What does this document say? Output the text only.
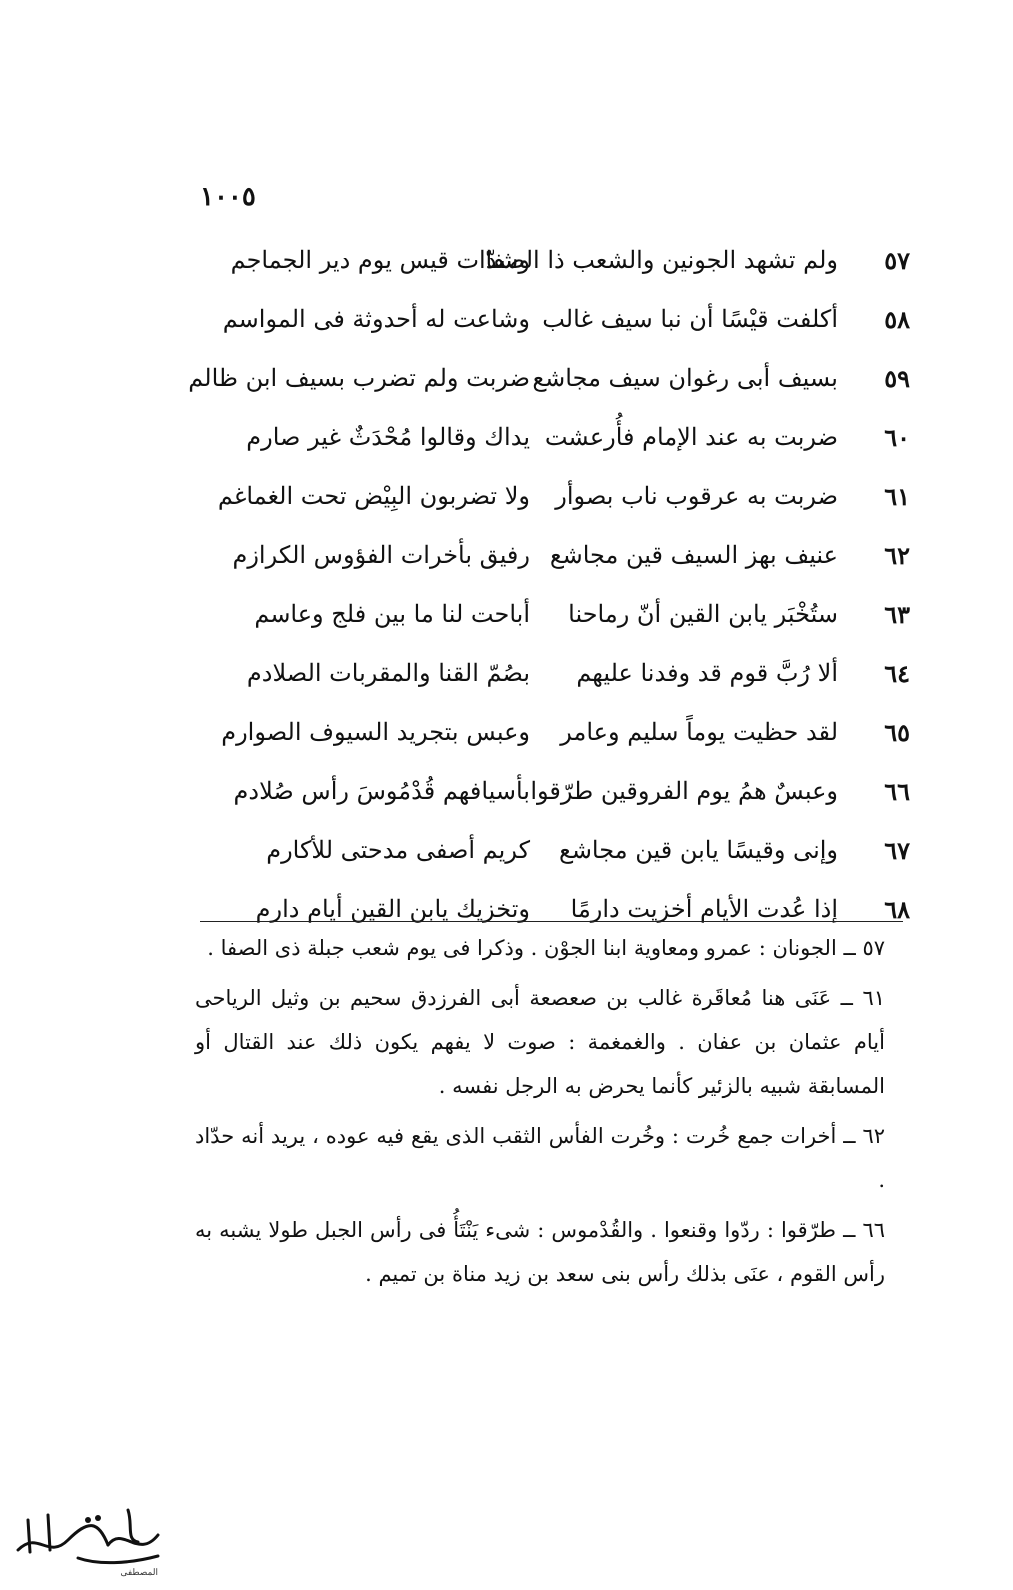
١٠٠٥
٥٧
ولم تشهد الجونين والشعب ذا الصفا
وشدّات قيس يوم دير الجماجم
٥٨
أكلفت قيْسًا أن نبا سيف غالب
وشاعت له أحدوثة فى المواسم
٥٩
بسيف أبى رغوان سيف مجاشع
ضربت ولم تضرب بسيف ابن ظالم
٦٠
ضربت به عند الإمام فأُرعشت
يداك وقالوا مُحْدَثٌ غير صارم
٦١
ضربت به عرقوب ناب بصوأر
ولا تضربون البِيْض تحت الغماغم
٦٢
عنيف بهز السيف قين مجاشع
رفيق بأخرات الفؤوس الكرازم
٦٣
ستُخْبَر يابن القين أنّ رماحنا
أباحت لنا ما بين فلج وعاسم
٦٤
ألا رُبَّ قوم قد وفدنا عليهم
بصُمّ القنا والمقربات الصلادم
٦٥
لقد حظيت يوماً سليم وعامر
وعبس بتجريد السيوف الصوارم
٦٦
وعبسٌ همُ يوم الفروقين طرّقوا
بأسيافهم قُدْمُوسَ رأس صُلادم
٦٧
وإنى وقيسًا يابن قين مجاشع
كريم أصفى مدحتى للأكارم
٦٨
إذا عُدت الأيام أخزيت دارمًا
وتخزيك يابن القين أيام دارم

٥٧ ــ الجونان : عمرو ومعاوية ابنا الجوْن . وذكرا فى يوم شعب جبلة ذى الصفا .

٦١ ــ عَنَى هنا مُعاقَرة غالب بن صعصعة أبى الفرزدق سحيم بن وثيل الرياحى أيام عثمان بن عفان . والغمغمة : صوت لا يفهم يكون ذلك عند القتال أو المسابقة شبيه بالزئير كأنما يحرض به الرجل نفسه .

٦٢ ــ أخرات جمع خُرت : وخُرت الفأس الثقب الذى يقع فيه عوده ، يريد أنه حدّاد .

٦٦ ــ طرّقوا : ردّوا وقنعوا . والقُدْموس : شىء يَنْتَأُ فى رأس الجبل طولا يشبه به رأس القوم ، عنَى بذلك رأس بنى سعد بن زيد مناة بن تميم .

المصطفى
